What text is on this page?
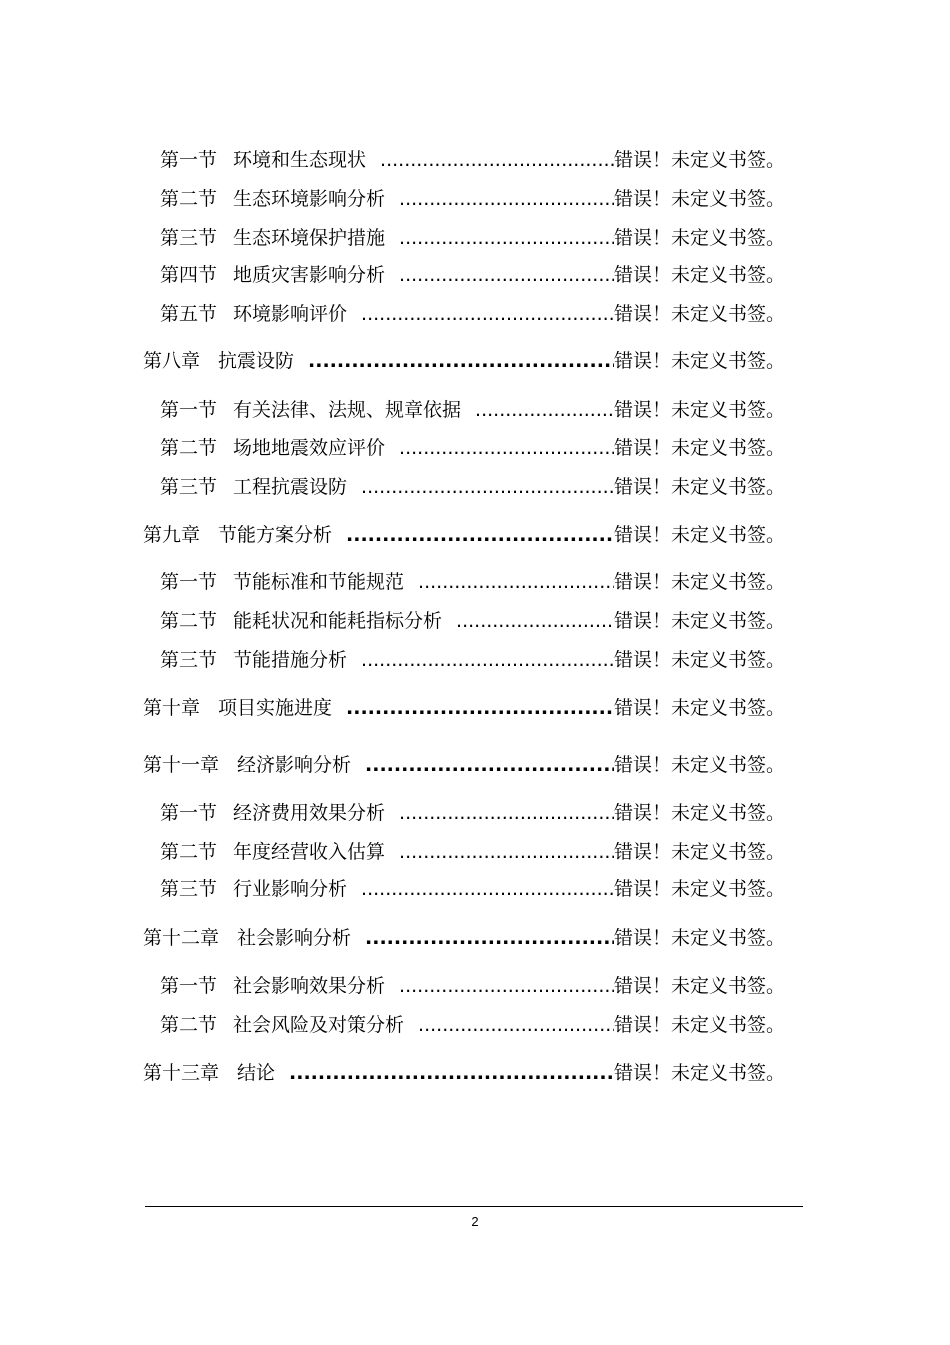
第一节 环境和生态现状 .....	错误！未定义书签。
第二节 生态环境影响分析 .....	错误！未定义书签。
第三节 生态环境保护措施 .....	错误！未定义书签。
第四节 地质灾害影响分析 .....	错误！未定义书签。
第五节 环境影响评价 .....	错误！未定义书签。
第八章 抗震设防 .....	错误！未定义书签。
第一节 有关法律、法规、规章依据 .....	错误！未定义书签。
第二节 场地地震效应评价 .....	错误！未定义书签。
第三节 工程抗震设防 .....	错误！未定义书签。
第九章 节能方案分析 .....	错误！未定义书签。
第一节 节能标准和节能规范 .....	错误！未定义书签。
第二节 能耗状况和能耗指标分析 .....	错误！未定义书签。
第三节 节能措施分析 .....	错误！未定义书签。
第十章 项目实施进度 .....	错误！未定义书签。
第十一章 经济影响分析 .....	错误！未定义书签。
第一节 经济费用效果分析 .....	错误！未定义书签。
第二节 年度经营收入估算 .....	错误！未定义书签。
第三节 行业影响分析 .....	错误！未定义书签。
第十二章 社会影响分析 .....	错误！未定义书签。
第一节 社会影响效果分析 .....	错误！未定义书签。
第二节 社会风险及对策分析 .....	错误！未定义书签。
第十三章 结论 .....	错误！未定义书签。
2
